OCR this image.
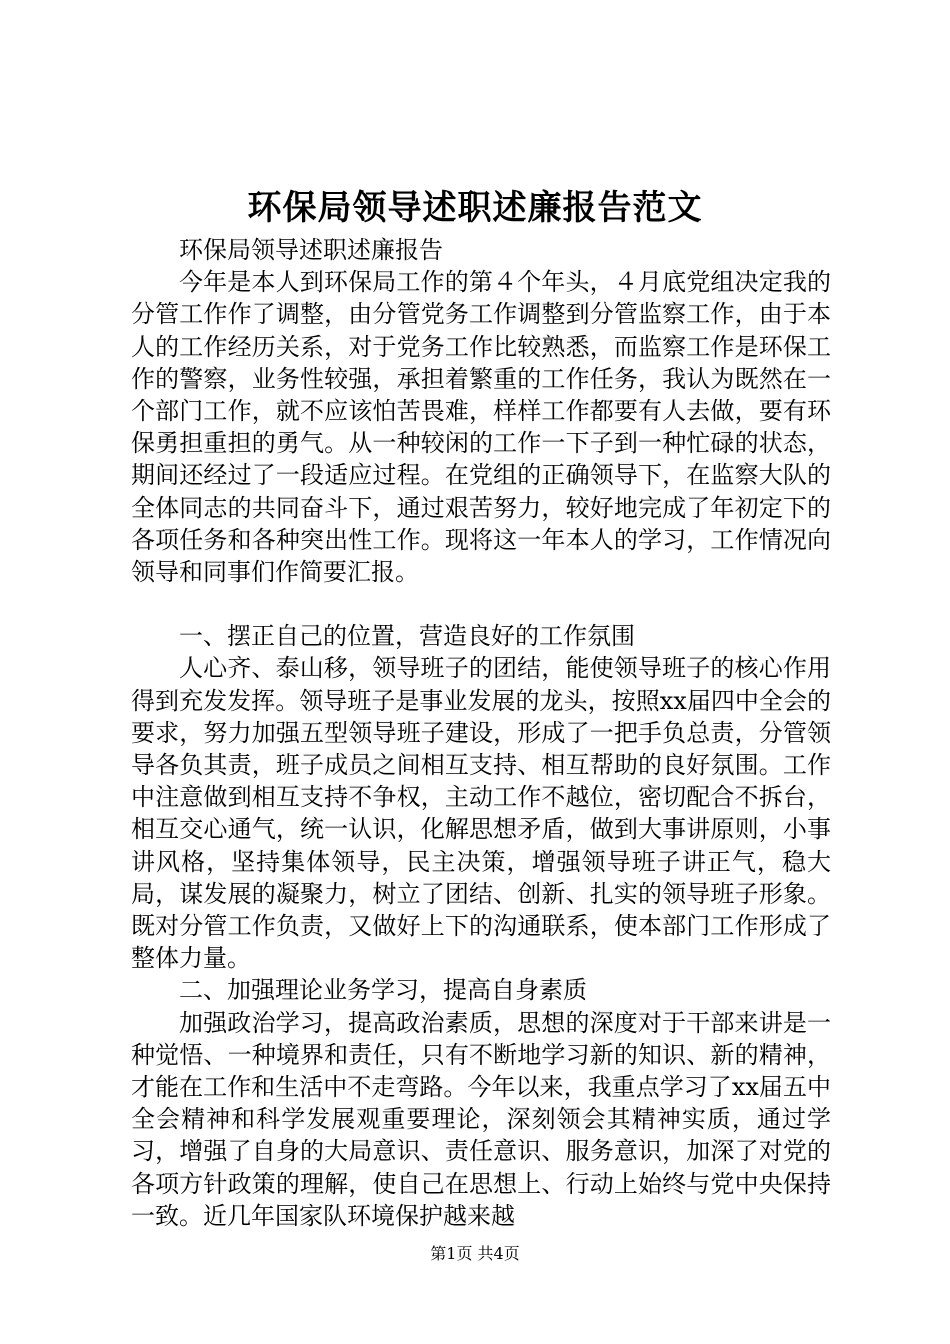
环保局领导述职述廉报告范文

环保局领导述职述廉报告

今年是本人到环保局工作的第４个年头，４月底党组决定我的分管工作作了调整，由分管党务工作调整到分管监察工作，由于本人的工作经历关系，对于党务工作比较熟悉，而监察工作是环保工作的警察，业务性较强，承担着繁重的工作任务，我认为既然在一个部门工作，就不应该怕苦畏难，样样工作都要有人去做，要有环保勇担重担的勇气。从一种较闲的工作一下子到一种忙碌的状态，期间还经过了一段适应过程。在党组的正确领导下，在监察大队的全体同志的共同奋斗下，通过艰苦努力，较好地完成了年初定下的各项任务和各种突出性工作。现将这一年本人的学习，工作情况向领导和同事们作简要汇报。

一、摆正自己的位置，营造良好的工作氛围

人心齐、泰山移，领导班子的团结，能使领导班子的核心作用得到充发发挥。领导班子是事业发展的龙头，按照xx届四中全会的要求，努力加强五型领导班子建设，形成了一把手负总责，分管领导各负其责，班子成员之间相互支持、相互帮助的良好氛围。工作中注意做到相互支持不争权，主动工作不越位，密切配合不拆台，相互交心通气，统一认识，化解思想矛盾，做到大事讲原则，小事讲风格，坚持集体领导，民主决策，增强领导班子讲正气，稳大局，谋发展的凝聚力，树立了团结、创新、扎实的领导班子形象。既对分管工作负责，又做好上下的沟通联系，使本部门工作形成了整体力量。

二、加强理论业务学习，提高自身素质

加强政治学习，提高政治素质，思想的深度对于干部来讲是一种觉悟、一种境界和责任，只有不断地学习新的知识、新的精神，才能在工作和生活中不走弯路。今年以来，我重点学习了xx届五中全会精神和科学发展观重要理论，深刻领会其精神实质，通过学习，增强了自身的大局意识、责任意识、服务意识，加深了对党的各项方针政策的理解，使自己在思想上、行动上始终与党中央保持一致。近几年国家队环境保护越来越

第1页 共4页
